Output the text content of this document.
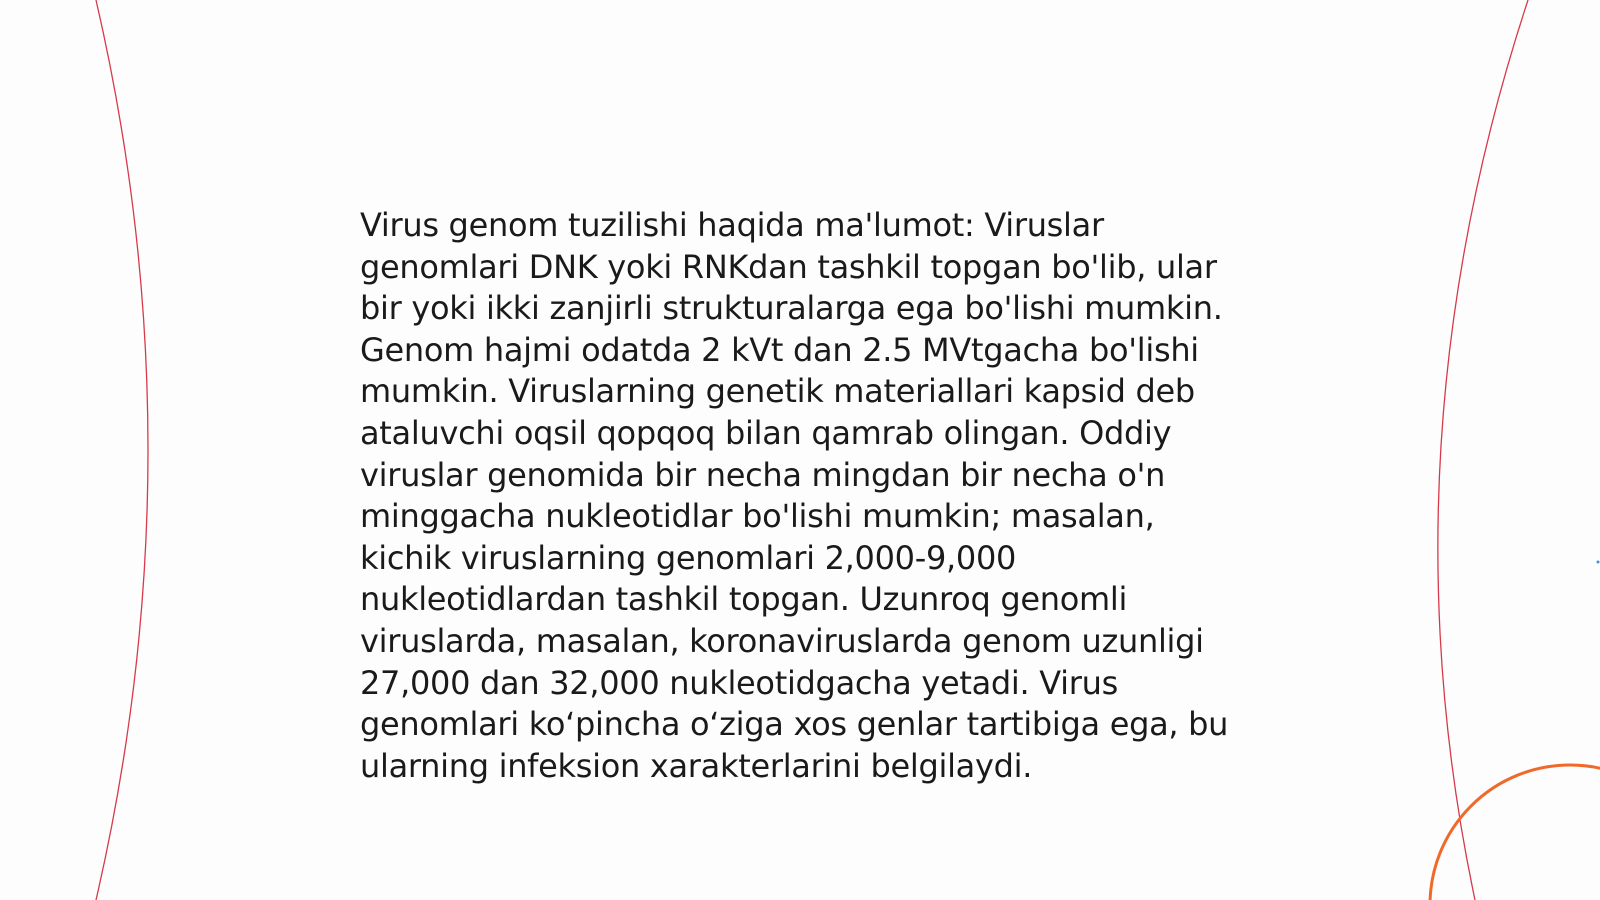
Virus genom tuzilishi haqida ma'lumot: Viruslar genomlari DNK yoki RNKdan tashkil topgan bo'lib, ular bir yoki ikki zanjirli strukturalarga ega bo'lishi mumkin. Genom hajmi odatda 2 kVt dan 2.5 MVtgacha bo'lishi mumkin. Viruslarning genetik materiallari kapsid deb ataluvchi oqsil qopqoq bilan qamrab olingan. Oddiy viruslar genomida bir necha mingdan bir necha o'n minggacha nukleotidlar bo'lishi mumkin; masalan, kichik viruslarning genomlari 2,000-9,000 nukleotidlardan tashkil topgan. Uzunroq genomli viruslarda, masalan, koronaviruslarda genom uzunligi 27,000 dan 32,000 nukleotidgacha yetadi. Virus genomlari koʻpincha oʻziga xos genlar tartibiga ega, bu ularning infeksion xarakterlarini belgilaydi.
